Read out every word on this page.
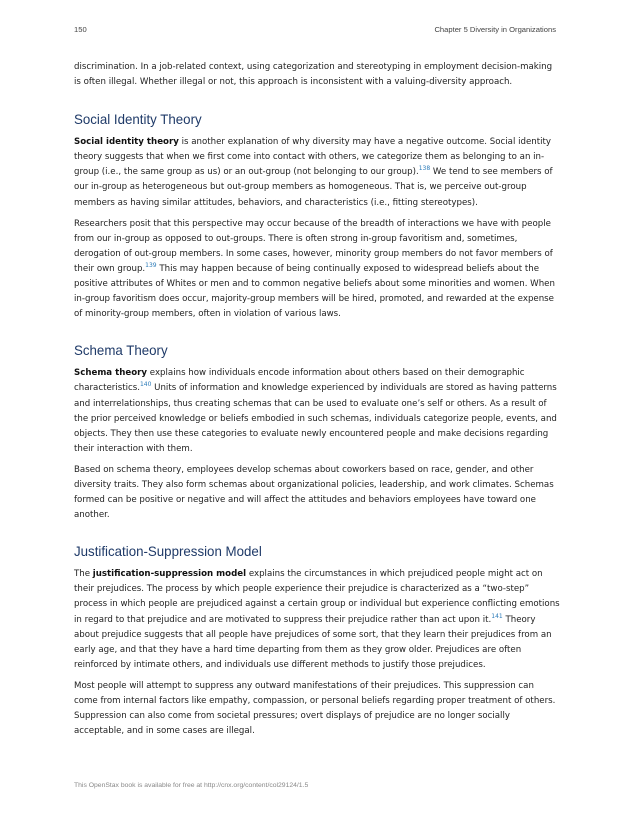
150	Chapter 5 Diversity in Organizations

discrimination. In a job-related context, using categorization and stereotyping in employment decision-making is often illegal. Whether illegal or not, this approach is inconsistent with a valuing-diversity approach.

Social Identity Theory

Social identity theory is another explanation of why diversity may have a negative outcome. Social identity theory suggests that when we first come into contact with others, we categorize them as belonging to an in-group (i.e., the same group as us) or an out-group (not belonging to our group).$^{138}$ We tend to see members of our in-group as heterogeneous but out-group members as homogeneous. That is, we perceive out-group members as having similar attitudes, behaviors, and characteristics (i.e., fitting stereotypes).

Researchers posit that this perspective may occur because of the breadth of interactions we have with people from our in-group as opposed to out-groups. There is often strong in-group favoritism and, sometimes, derogation of out-group members. In some cases, however, minority group members do not favor members of their own group.$^{139}$ This may happen because of being continually exposed to widespread beliefs about the positive attributes of Whites or men and to common negative beliefs about some minorities and women. When in-group favoritism does occur, majority-group members will be hired, promoted, and rewarded at the expense of minority-group members, often in violation of various laws.

Schema Theory

Schema theory explains how individuals encode information about others based on their demographic characteristics.$^{140}$ Units of information and knowledge experienced by individuals are stored as having patterns and interrelationships, thus creating schemas that can be used to evaluate one’s self or others. As a result of the prior perceived knowledge or beliefs embodied in such schemas, individuals categorize people, events, and objects. They then use these categories to evaluate newly encountered people and make decisions regarding their interaction with them.

Based on schema theory, employees develop schemas about coworkers based on race, gender, and other diversity traits. They also form schemas about organizational policies, leadership, and work climates. Schemas formed can be positive or negative and will affect the attitudes and behaviors employees have toward one another.

Justification-Suppression Model

The justification-suppression model explains the circumstances in which prejudiced people might act on their prejudices. The process by which people experience their prejudice is characterized as a “two-step” process in which people are prejudiced against a certain group or individual but experience conflicting emotions in regard to that prejudice and are motivated to suppress their prejudice rather than act upon it.$^{141}$ Theory about prejudice suggests that all people have prejudices of some sort, that they learn their prejudices from an early age, and that they have a hard time departing from them as they grow older. Prejudices are often reinforced by intimate others, and individuals use different methods to justify those prejudices.

Most people will attempt to suppress any outward manifestations of their prejudices. This suppression can come from internal factors like empathy, compassion, or personal beliefs regarding proper treatment of others. Suppression can also come from societal pressures; overt displays of prejudice are no longer socially acceptable, and in some cases are illegal.

This OpenStax book is available for free at http://cnx.org/content/col29124/1.5
